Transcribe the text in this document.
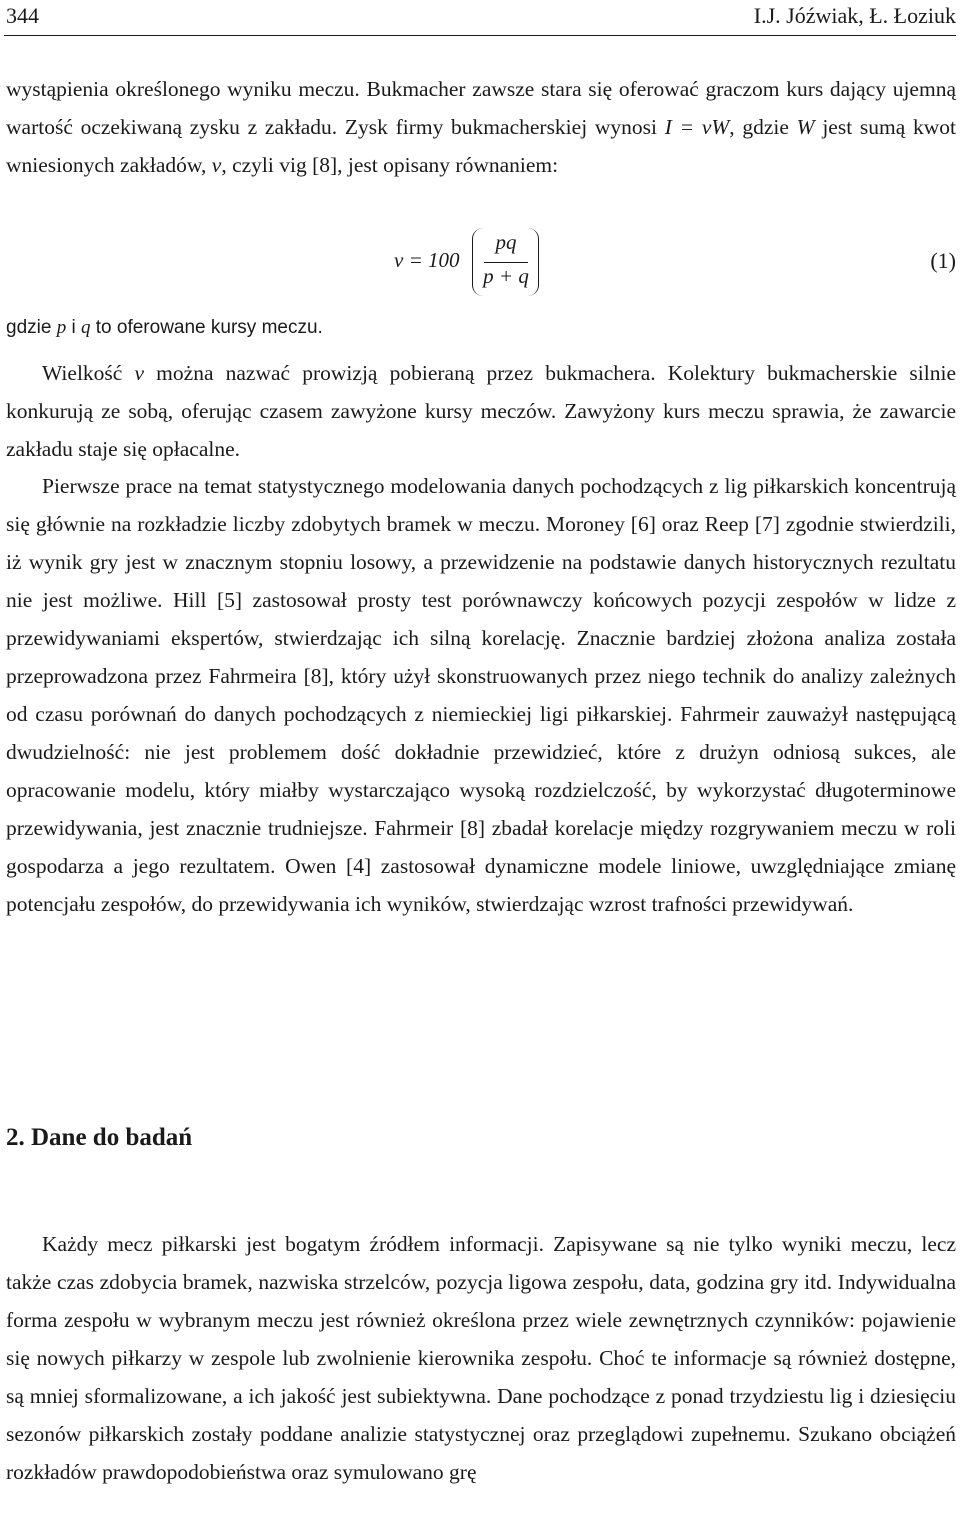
344	I.J. Jóźwiak, Ł. Łoziuk

wystąpienia określonego wyniku meczu. Bukmacher zawsze stara się oferować graczom kurs dający ujemną wartość oczekiwaną zysku z zakładu. Zysk firmy bukmacherskiej wynosi I = vW, gdzie W jest sumą kwot wniesionych zakładów, v, czyli vig [8], jest opisany równaniem:

v = 100
pq
p + q
(1)

gdzie p i q to oferowane kursy meczu.

Wielkość v można nazwać prowizją pobieraną przez bukmachera. Kolektury bukmacherskie silnie konkurują ze sobą, oferując czasem zawyżone kursy meczów. Zawyżony kurs meczu sprawia, że zawarcie zakładu staje się opłacalne.

Pierwsze prace na temat statystycznego modelowania danych pochodzących z lig piłkarskich koncentrują się głównie na rozkładzie liczby zdobytych bramek w meczu. Moroney [6] oraz Reep [7] zgodnie stwierdzili, iż wynik gry jest w znacznym stopniu losowy, a przewidzenie na podstawie danych historycznych rezultatu nie jest możliwe. Hill [5] zastosował prosty test porównawczy końcowych pozycji zespołów w lidze z przewidywaniami ekspertów, stwierdzając ich silną korelację. Znacznie bardziej złożona analiza została przeprowadzona przez Fahrmeira [8], który użył skonstruowanych przez niego technik do analizy zależnych od czasu porównań do danych pochodzących z niemieckiej ligi piłkarskiej. Fahrmeir zauważył następującą dwudzielność: nie jest problemem dość dokładnie przewidzieć, które z drużyn odniosą sukces, ale opracowanie modelu, który miałby wystarczająco wysoką rozdzielczość, by wykorzystać długoterminowe przewidywania, jest znacznie trudniejsze. Fahrmeir [8] zbadał korelacje między rozgrywaniem meczu w roli gospodarza a jego rezultatem. Owen [4] zastosował dynamiczne modele liniowe, uwzględniające zmianę potencjału zespołów, do przewidywania ich wyników, stwierdzając wzrost trafności przewidywań.

2. Dane do badań

Każdy mecz piłkarski jest bogatym źródłem informacji. Zapisywane są nie tylko wyniki meczu, lecz także czas zdobycia bramek, nazwiska strzelców, pozycja ligowa zespołu, data, godzina gry itd. Indywidualna forma zespołu w wybranym meczu jest również określona przez wiele zewnętrznych czynników: pojawienie się nowych piłkarzy w zespole lub zwolnienie kierownika zespołu. Choć te informacje są również dostępne, są mniej sformalizowane, a ich jakość jest subiektywna. Dane pochodzące z ponad trzydziestu lig i dziesięciu sezonów piłkarskich zostały poddane analizie statystycznej oraz przeglądowi zupełnemu. Szukano obciążeń rozkładów prawdopodobieństwa oraz symulowano grę
